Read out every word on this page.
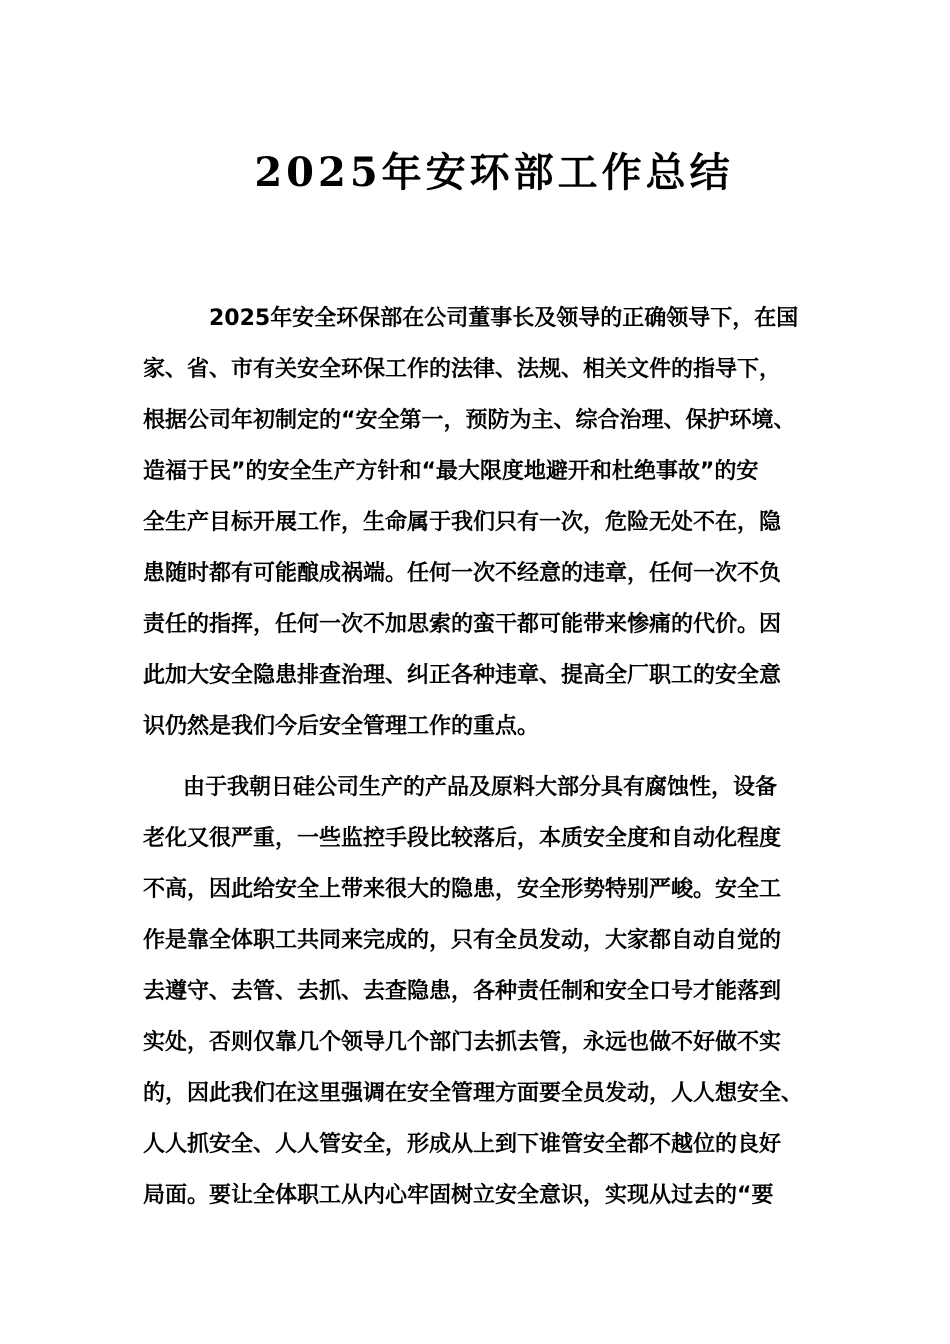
2025年安环部工作总结
2025年安全环保部在公司董事长及领导的正确领导下，在国
家、省、市有关安全环保工作的法律、法规、相关文件的指导下，
根据公司年初制定的“安全第一，预防为主、综合治理、保护环境、
造福于民”的安全生产方针和“最大限度地避开和杜绝事故”的安
全生产目标开展工作，生命属于我们只有一次，危险无处不在，隐
患随时都有可能酿成祸端。任何一次不经意的违章，任何一次不负
责任的指挥，任何一次不加思索的蛮干都可能带来惨痛的代价。因
此加大安全隐患排查治理、纠正各种违章、提高全厂职工的安全意
识仍然是我们今后安全管理工作的重点。
由于我朝日硅公司生产的产品及原料大部分具有腐蚀性，设备
老化又很严重，一些监控手段比较落后，本质安全度和自动化程度
不高，因此给安全上带来很大的隐患，安全形势特别严峻。安全工
作是靠全体职工共同来完成的，只有全员发动，大家都自动自觉的
去遵守、去管、去抓、去查隐患，各种责任制和安全口号才能落到
实处，否则仅靠几个领导几个部门去抓去管，永远也做不好做不实
的，因此我们在这里强调在安全管理方面要全员发动，人人想安全、
人人抓安全、人人管安全，形成从上到下谁管安全都不越位的良好
局面。要让全体职工从内心牢固树立安全意识，实现从过去的“要
